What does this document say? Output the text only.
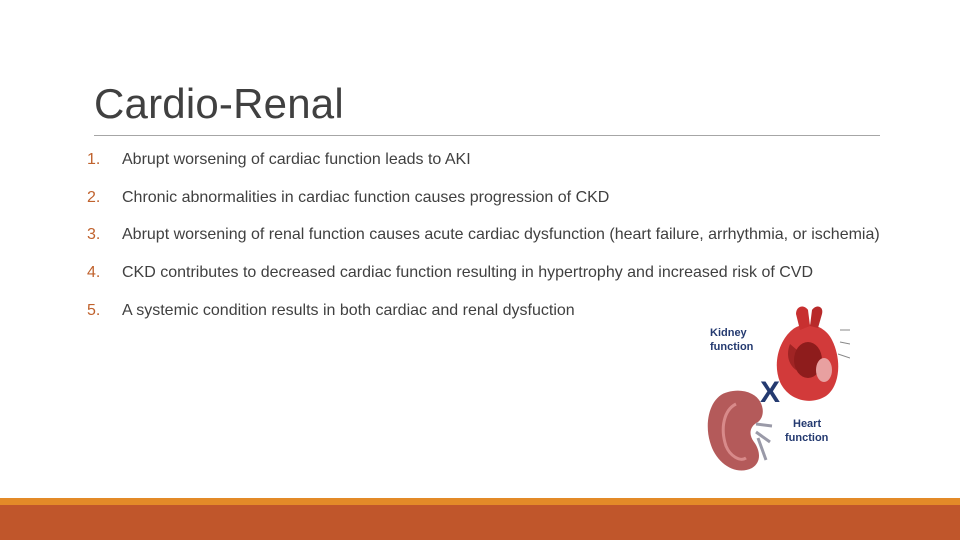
Cardio-Renal
1. Abrupt worsening of cardiac function leads to AKI
2. Chronic abnormalities in cardiac function causes progression of CKD
3. Abrupt worsening of renal function causes acute cardiac dysfunction (heart failure, arrhythmia, or ischemia)
4. CKD contributes to decreased cardiac function resulting in hypertrophy and increased risk of CVD
5. A systemic condition results in both cardiac and renal dysfuction
Kidney
function
X
Heart
function
